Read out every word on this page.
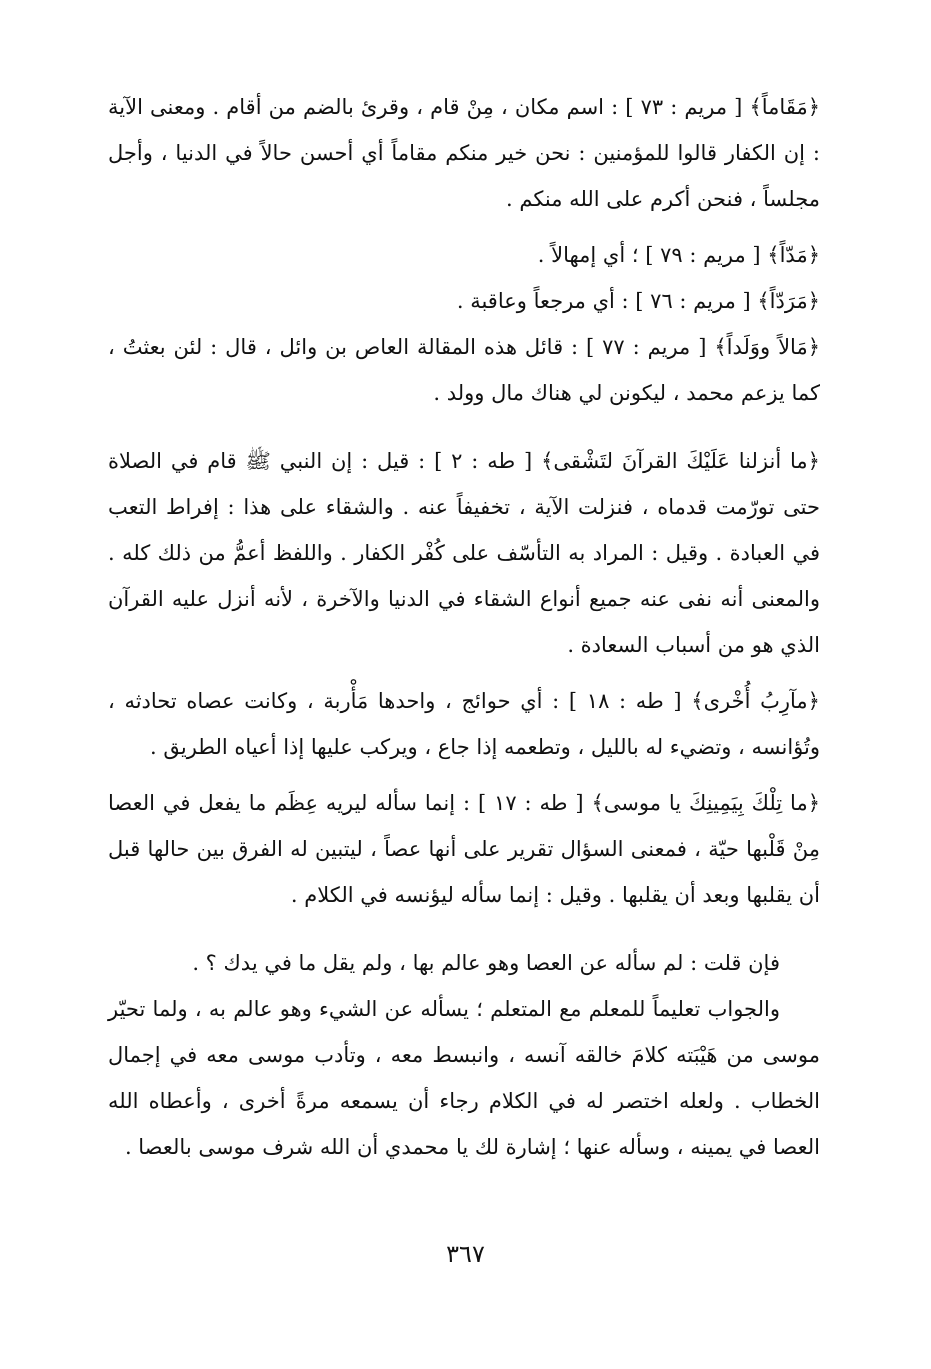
﴿مَقَاماً﴾ [ مريم : ٧٣ ] : اسم مكان ، مِنْ قام ، وقرئ بالضم من أقام . ومعنى الآية : إن الكفار قالوا للمؤمنين : نحن خير منكم مقاماً أي أحسن حالاً في الدنيا ، وأجل مجلساً ، فنحن أكرم على الله منكم .

﴿مَدّاً﴾ [ مريم : ٧٩ ] ؛ أي إمهالاً .

﴿مَرَدّاً﴾ [ مريم : ٧٦ ] : أي مرجعاً وعاقبة .

﴿مَالاً ووَلَداً﴾ [ مريم : ٧٧ ] : قائل هذه المقالة العاص بن وائل ، قال : لئن بعثتُ ، كما يزعم محمد ، ليكونن لي هناك مال وولد .

﴿ما أنزلنا عَلَيْكَ القرآنَ لتَشْقى﴾ [ طه : ٢ ] : قيل : إن النبي ﷺ قام في الصلاة حتى تورّمت قدماه ، فنزلت الآية ، تخفيفاً عنه . والشقاء على هذا : إفراط التعب في العبادة . وقيل : المراد به التأسّف على كُفْر الكفار . واللفظ أعمُّ من ذلك كله . والمعنى أنه نفى عنه جميع أنواع الشقاء في الدنيا والآخرة ، لأنه أنزل عليه القرآن الذي هو من أسباب السعادة .

﴿مآرِبُ أُخْرى﴾ [ طه : ١٨ ] : أي حوائج ، واحدها مَأْربة ، وكانت عصاه تحادثه ، وتُؤانسه ، وتضيء له بالليل ، وتطعمه إذا جاع ، ويركب عليها إذا أعياه الطريق .

﴿ما تِلْكَ بِيَمِينِكَ يا موسى﴾ [ طه : ١٧ ] : إنما سأله ليريه عِظَم ما يفعل في العصا مِنْ قَلْبها حيّة ، فمعنى السؤال تقرير على أنها عصاً ، ليتبين له الفرق بين حالها قبل أن يقلبها وبعد أن يقلبها . وقيل : إنما سأله ليؤنسه في الكلام .

فإن قلت : لم سأله عن العصا وهو عالم بها ، ولم يقل ما في يدك ؟ .

والجواب تعليماً للمعلم مع المتعلم ؛ يسأله عن الشيء وهو عالم به ، ولما تحيّر موسى من هَيْبَته كلامَ خالقه آنسه ، وانبسط معه ، وتأدب موسى معه في إجمال الخطاب . ولعله اختصر له في الكلام رجاء أن يسمعه مرةً أخرى ، وأعطاه الله العصا في يمينه ، وسأله عنها ؛ إشارة لك يا محمدي أن الله شرف موسى بالعصا .

٣٦٧
